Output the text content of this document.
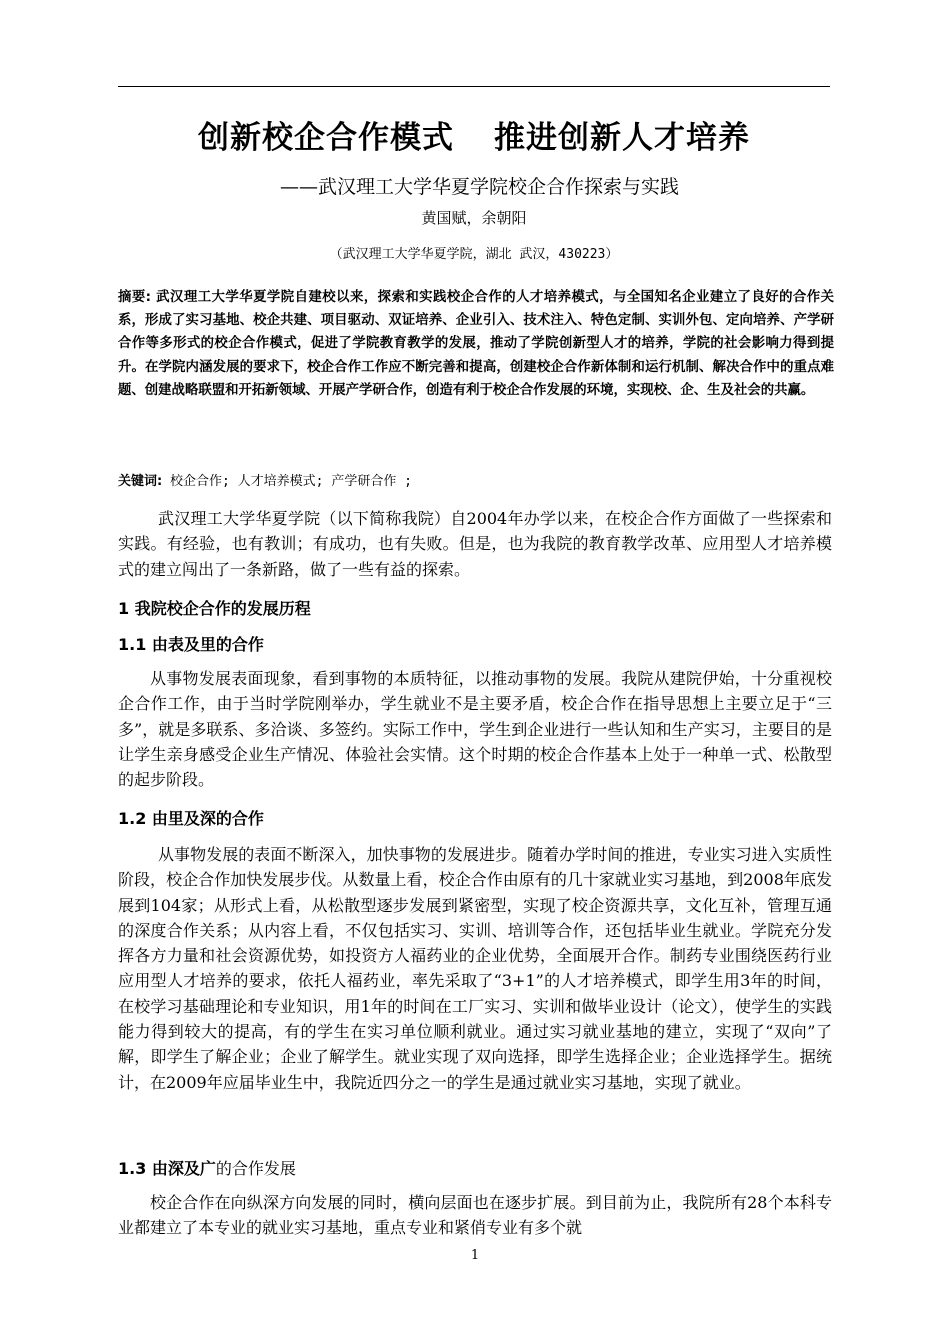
创新校企合作模式 推进创新人才培养
——武汉理工大学华夏学院校企合作探索与实践
黄国赋，余朝阳
（武汉理工大学华夏学院，湖北 武汉，430223）
摘要: 武汉理工大学华夏学院自建校以来，探索和实践校企合作的人才培养模式，与全国知名企业建立了良好的合作关系，形成了实习基地、校企共建、项目驱动、双证培养、企业引入、技术注入、特色定制、实训外包、定向培养、产学研合作等多形式的校企合作模式，促进了学院教育教学的发展，推动了学院创新型人才的培养，学院的社会影响力得到提升。在学院内涵发展的要求下，校企合作工作应不断完善和提高，创建校企合作新体制和运行机制、解决合作中的重点难题、创建战略联盟和开拓新领域、开展产学研合作，创造有利于校企合作发展的环境，实现校、企、生及社会的共赢。
关键词: 校企合作; 人才培养模式; 产学研合作 ;
武汉理工大学华夏学院（以下简称我院）自2004年办学以来，在校企合作方面做了一些探索和实践。有经验，也有教训；有成功，也有失败。但是，也为我院的教育教学改革、应用型人才培养模式的建立闯出了一条新路，做了一些有益的探索。
1 我院校企合作的发展历程
1.1 由表及里的合作
从事物发展表面现象，看到事物的本质特征，以推动事物的发展。我院从建院伊始，十分重视校企合作工作，由于当时学院刚举办，学生就业不是主要矛盾，校企合作在指导思想上主要立足于“三多”，就是多联系、多洽谈、多签约。实际工作中，学生到企业进行一些认知和生产实习，主要目的是让学生亲身感受企业生产情况、体验社会实情。这个时期的校企合作基本上处于一种单一式、松散型的起步阶段。
1.2 由里及深的合作
从事物发展的表面不断深入，加快事物的发展进步。随着办学时间的推进，专业实习进入实质性阶段，校企合作加快发展步伐。从数量上看，校企合作由原有的几十家就业实习基地，到2008年底发展到104家；从形式上看，从松散型逐步发展到紧密型，实现了校企资源共享，文化互补，管理互通的深度合作关系；从内容上看，不仅包括实习、实训、培训等合作，还包括毕业生就业。学院充分发挥各方力量和社会资源优势，如投资方人福药业的企业优势，全面展开合作。制药专业围绕医药行业应用型人才培养的要求，依托人福药业，率先采取了“3+1”的人才培养模式，即学生用3年的时间，在校学习基础理论和专业知识，用1年的时间在工厂实习、实训和做毕业设计（论文），使学生的实践能力得到较大的提高，有的学生在实习单位顺利就业。通过实习就业基地的建立，实现了“双向”了解，即学生了解企业；企业了解学生。就业实现了双向选择，即学生选择企业；企业选择学生。据统计，在2009年应届毕业生中，我院近四分之一的学生是通过就业实习基地，实现了就业。
1.3 由深及广的合作发展
校企合作在向纵深方向发展的同时，横向层面也在逐步扩展。到目前为止，我院所有28个本科专业都建立了本专业的就业实习基地，重点专业和紧俏专业有多个就
1
